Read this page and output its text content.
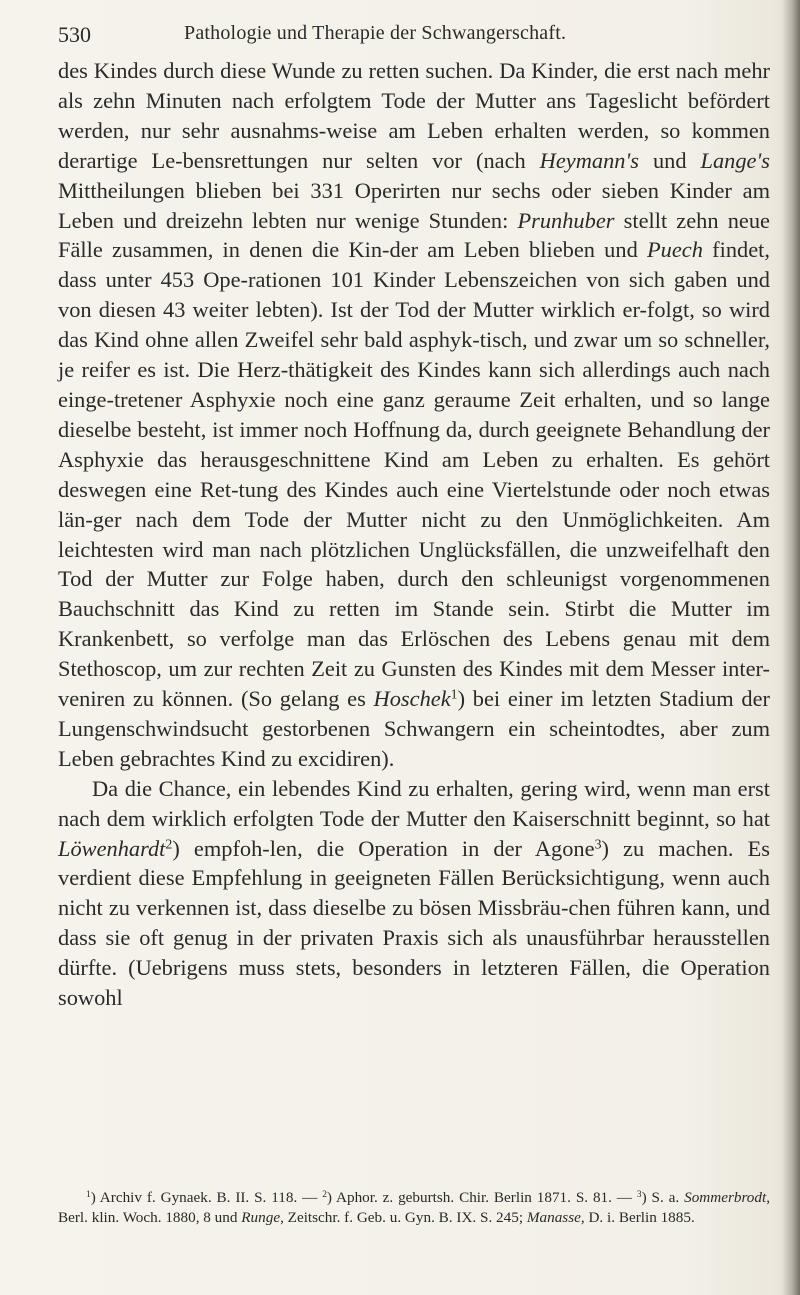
530	Pathologie und Therapie der Schwangerschaft.

des Kindes durch diese Wunde zu retten suchen. Da Kinder, die erst nach mehr als zehn Minuten nach erfolgtem Tode der Mutter ans Tageslicht befördert werden, nur sehr ausnahms-weise am Leben erhalten werden, so kommen derartige Le-bensrettungen nur selten vor (nach Heymann's und Lange's Mittheilungen blieben bei 331 Operirten nur sechs oder sieben Kinder am Leben und dreizehn lebten nur wenige Stunden: Prunhuber stellt zehn neue Fälle zusammen, in denen die Kin-der am Leben blieben und Puech findet, dass unter 453 Ope-rationen 101 Kinder Lebenszeichen von sich gaben und von diesen 43 weiter lebten). Ist der Tod der Mutter wirklich er-folgt, so wird das Kind ohne allen Zweifel sehr bald asphyk-tisch, und zwar um so schneller, je reifer es ist. Die Herz-thätigkeit des Kindes kann sich allerdings auch nach einge-tretener Asphyxie noch eine ganz geraume Zeit erhalten, und so lange dieselbe besteht, ist immer noch Hoffnung da, durch geeignete Behandlung der Asphyxie das herausgeschnittene Kind am Leben zu erhalten. Es gehört deswegen eine Ret-tung des Kindes auch eine Viertelstunde oder noch etwas län-ger nach dem Tode der Mutter nicht zu den Unmöglichkeiten. Am leichtesten wird man nach plötzlichen Unglücksfällen, die unzweifelhaft den Tod der Mutter zur Folge haben, durch den schleunigst vorgenommenen Bauchschnitt das Kind zu retten im Stande sein. Stirbt die Mutter im Krankenbett, so verfolge man das Erlöschen des Lebens genau mit dem Stethoscop, um zur rechten Zeit zu Gunsten des Kindes mit dem Messer inter-veniren zu können. (So gelang es Hoschek$^1$) bei einer im letzten Stadium der Lungenschwindsucht gestorbenen Schwangern ein scheintodtes, aber zum Leben gebrachtes Kind zu excidiren).

Da die Chance, ein lebendes Kind zu erhalten, gering wird, wenn man erst nach dem wirklich erfolgten Tode der Mutter den Kaiserschnitt beginnt, so hat Löwenhardt$^2$) empfoh-len, die Operation in der Agone$^3$) zu machen. Es verdient diese Empfehlung in geeigneten Fällen Berücksichtigung, wenn auch nicht zu verkennen ist, dass dieselbe zu bösen Missbräu-chen führen kann, und dass sie oft genug in der privaten Praxis sich als unausführbar herausstellen dürfte. (Uebrigens muss stets, besonders in letzteren Fällen, die Operation sowohl

$^1$) Archiv f. Gynaek. B. II. S. 118. — $^2$) Aphor. z. geburtsh. Chir. Berlin 1871. S. 81. — $^3$) S. a. Sommerbrodt, Berl. klin. Woch. 1880, 8 und Runge, Zeitschr. f. Geb. u. Gyn. B. IX. S. 245; Manasse, D. i. Berlin 1885.
